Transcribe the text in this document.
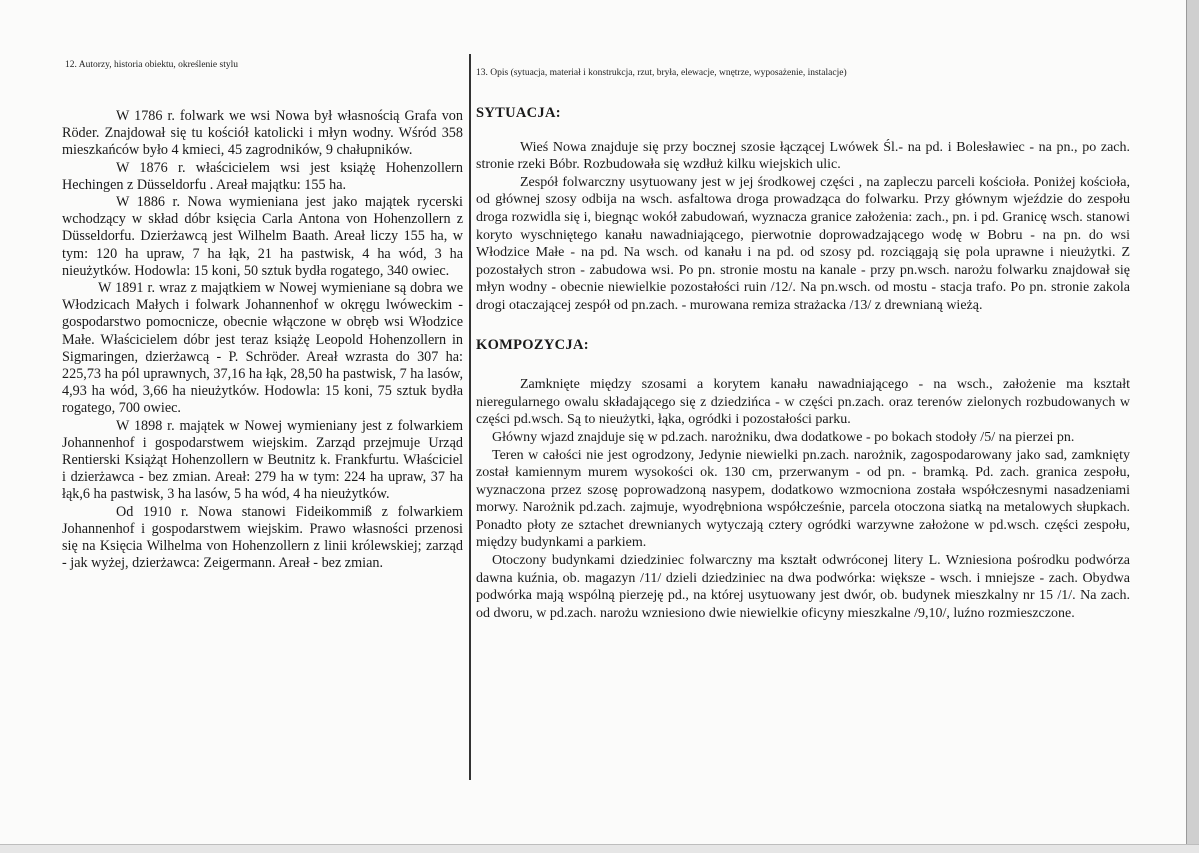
12. Autorzy, historia obiektu, określenie stylu
13. Opis (sytuacja, materiał i konstrukcja, rzut, bryła, elewacje, wnętrze, wyposażenie, instalacje)

W 1786 r. folwark we wsi Nowa był własnością Grafa von Röder. Znajdował się tu kościół katolicki i młyn wodny. Wśród 358 mieszkańców było 4 kmieci, 45 zagrodników, 9 chałupników.

W 1876 r. właścicielem wsi jest książę Hohenzollern Hechingen z Düsseldorfu . Areał majątku: 155 ha.

W 1886 r. Nowa wymieniana jest jako majątek rycerski wchodzący w skład dóbr księcia Carla Antona von Hohenzollern z Düsseldorfu. Dzierżawcą jest Wilhelm Baath. Areał liczy 155 ha, w tym: 120 ha upraw, 7 ha łąk, 21 ha pastwisk, 4 ha wód, 3 ha nieużytków. Hodowla: 15 koni, 50 sztuk bydła rogatego, 340 owiec.

W 1891 r. wraz z majątkiem w Nowej wymieniane są dobra we Włodzicach Małych i folwark Johannenhof w okręgu lwóweckim - gospodarstwo pomocnicze, obecnie włączone w obręb wsi Włodzice Małe. Właścicielem dóbr jest teraz książę Leopold Hohenzollern in Sigmaringen, dzierżawcą - P. Schröder. Areał wzrasta do 307 ha: 225,73 ha pól uprawnych, 37,16 ha łąk, 28,50 ha pastwisk, 7 ha lasów, 4,93 ha wód, 3,66 ha nieużytków. Hodowla: 15 koni, 75 sztuk bydła rogatego, 700 owiec.

W 1898 r. majątek w Nowej wymieniany jest z folwarkiem Johannenhof i gospodarstwem wiejskim. Zarząd przejmuje Urząd Rentierski Książąt Hohenzollern w Beutnitz k. Frankfurtu. Właściciel i dzierżawca - bez zmian. Areał: 279 ha w tym: 224 ha upraw, 37 ha łąk,6 ha pastwisk, 3 ha lasów, 5 ha wód, 4 ha nieużytków.

Od 1910 r. Nowa stanowi Fideikommiß z folwarkiem Johannenhof i gospodarstwem wiejskim. Prawo własności przenosi się na Księcia Wilhelma von Hohenzollern z linii królewskiej; zarząd - jak wyżej, dzierżawca: Zeigermann. Areał - bez zmian.

SYTUACJA:

Wieś Nowa znajduje się przy bocznej szosie łączącej Lwówek Śl.- na pd. i Bolesławiec - na pn., po zach. stronie rzeki Bóbr. Rozbudowała się wzdłuż kilku wiejskich ulic.

Zespół folwarczny usytuowany jest w jej środkowej części , na zapleczu parceli kościoła. Poniżej kościoła, od głównej szosy odbija na wsch. asfaltowa droga prowadząca do folwarku. Przy głównym wjeździe do zespołu droga rozwidla się i, biegnąc wokół zabudowań, wyznacza granice założenia: zach., pn. i pd. Granicę wsch. stanowi koryto wyschniętego kanału nawadniającego, pierwotnie doprowadzającego wodę w Bobru - na pn. do wsi Włodzice Małe - na pd. Na wsch. od kanału i na pd. od szosy pd. rozciągają się pola uprawne i nieużytki. Z pozostałych stron - zabudowa wsi. Po pn. stronie mostu na kanale - przy pn.wsch. narożu folwarku znajdował się młyn wodny - obecnie niewielkie pozostałości ruin /12/. Na pn.wsch. od mostu - stacja trafo. Po pn. stronie zakola drogi otaczającej zespół od pn.zach. - murowana remiza strażacka /13/ z drewnianą wieżą.

KOMPOZYCJA:

Zamknięte między szosami a korytem kanału nawadniającego - na wsch., założenie ma kształt nieregularnego owalu składającego się z dziedzińca - w części pn.zach. oraz terenów zielonych rozbudowanych w części pd.wsch. Są to nieużytki, łąka, ogródki i pozostałości parku.

Główny wjazd znajduje się w pd.zach. narożniku, dwa dodatkowe - po bokach stodoły /5/ na pierzei pn.

Teren w całości nie jest ogrodzony, Jedynie niewielki pn.zach. narożnik, zagospodarowany jako sad, zamknięty został kamiennym murem wysokości ok. 130 cm, przerwanym - od pn. - bramką. Pd. zach. granica zespołu, wyznaczona przez szosę poprowadzoną nasypem, dodatkowo wzmocniona została współczesnymi nasadzeniami morwy. Narożnik pd.zach. zajmuje, wyodrębniona współcześnie, parcela otoczona siatką na metalowych słupkach. Ponadto płoty ze sztachet drewnianych wytyczają cztery ogródki warzywne założone w pd.wsch. części zespołu, między budynkami a parkiem.

Otoczony budynkami dziedziniec folwarczny ma kształt odwróconej litery L. Wzniesiona pośrodku podwórza dawna kuźnia, ob. magazyn /11/ dzieli dziedziniec na dwa podwórka: większe - wsch. i mniejsze - zach. Obydwa podwórka mają wspólną pierzeję pd., na której usytuowany jest dwór, ob. budynek mieszkalny nr 15 /1/. Na zach. od dworu, w pd.zach. narożu wzniesiono dwie niewielkie oficyny mieszkalne /9,10/, luźno rozmieszczone.
